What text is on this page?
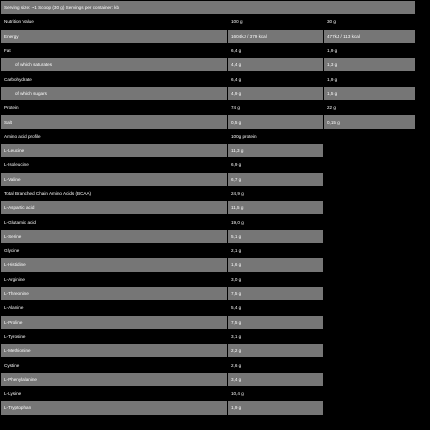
Serving size: ~1 Scoop (30 g) Servings per container: kb			
Nutrition Value	100 g	30 g	
Energy	1604kJ / 379 kcal	477kJ / 113 kcal	
Fat	6,4 g	1,9 g	
of which saturates	4,4 g	1,3 g	
Carbohydrate	6,4 g	1,9 g	
of which sugars	4,9 g	1,5 g	
Protein	74 g	22 g	
Salt	0,5 g	0,15 g	
Amino acid profile	100g protein		
L-Leucine	11,3 g		
L-Isoleucine	6,9 g		
L-Valine	6,7 g		
Total Branched Chain Amino Acids (BCAA)	24,9 g		
L-Aspartic acid	11,5 g		
L-Glutamic acid	19,0 g		
L-Serine	5,1 g		
Glycine	2,1 g		
L-Histidine	1,6 g		
L-Arginine	3,0 g		
L-Threonine	7,5 g		
L-Alanine	5,4 g		
L-Proline	7,5 g		
L-Tyrosine	3,1 g		
L-Methionine	2,2 g		
Cystine	2,6 g		
L-Phenylalanine	3,4 g		
L-Lysine	10,4 g		
L-Tryptophan	1,9 g		
